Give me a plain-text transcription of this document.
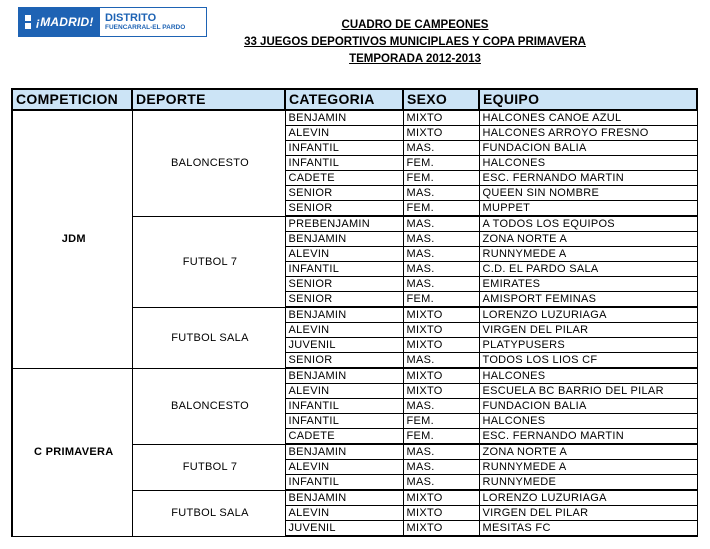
¡MADRID! DISTRITO
FUENCARRAL-EL PARDO	CUADRO DE CAMPEONES
33 JUEGOS DEPORTIVOS MUNICIPLAES Y COPA PRIMAVERA
TEMPORADA 2012-2013
COMPETICION	DEPORTE	CATEGORIA	SEXO	EQUIPO
JDM	BALONCESTO	BENJAMIN	MIXTO	HALCONES CANOE AZUL
		ALEVIN	MIXTO	HALCONES ARROYO FRESNO
		INFANTIL	MAS.	FUNDACION BALIA
		INFANTIL	FEM.	HALCONES
		CADETE	FEM.	ESC. FERNANDO MARTIN
		SENIOR	MAS.	QUEEN SIN NOMBRE
		SENIOR	FEM.	MUPPET
	FUTBOL 7	PREBENJAMIN	MAS.	A TODOS LOS EQUIPOS
		BENJAMIN	MAS.	ZONA NORTE A
		ALEVIN	MAS.	RUNNYMEDE A
		INFANTIL	MAS.	C.D. EL PARDO SALA
		SENIOR	MAS.	EMIRATES
		SENIOR	FEM.	AMISPORT FEMINAS
	FUTBOL SALA	BENJAMIN	MIXTO	LORENZO LUZURIAGA
		ALEVIN	MIXTO	VIRGEN DEL PILAR
		JUVENIL	MIXTO	PLATYPUSERS
		SENIOR	MAS.	TODOS LOS LIOS CF
C PRIMAVERA	BALONCESTO	BENJAMIN	MIXTO	HALCONES
		ALEVIN	MIXTO	ESCUELA BC BARRIO DEL PILAR
		INFANTIL	MAS.	FUNDACION BALIA
		INFANTIL	FEM.	HALCONES
		CADETE	FEM.	ESC. FERNANDO MARTIN
	FUTBOL 7	BENJAMIN	MAS.	ZONA NORTE A
		ALEVIN	MAS.	RUNNYMEDE A
		INFANTIL	MAS.	RUNNYMEDE
	FUTBOL SALA	BENJAMIN	MIXTO	LORENZO LUZURIAGA
		ALEVIN	MIXTO	VIRGEN DEL PILAR
		JUVENIL	MIXTO	MESITAS FC
